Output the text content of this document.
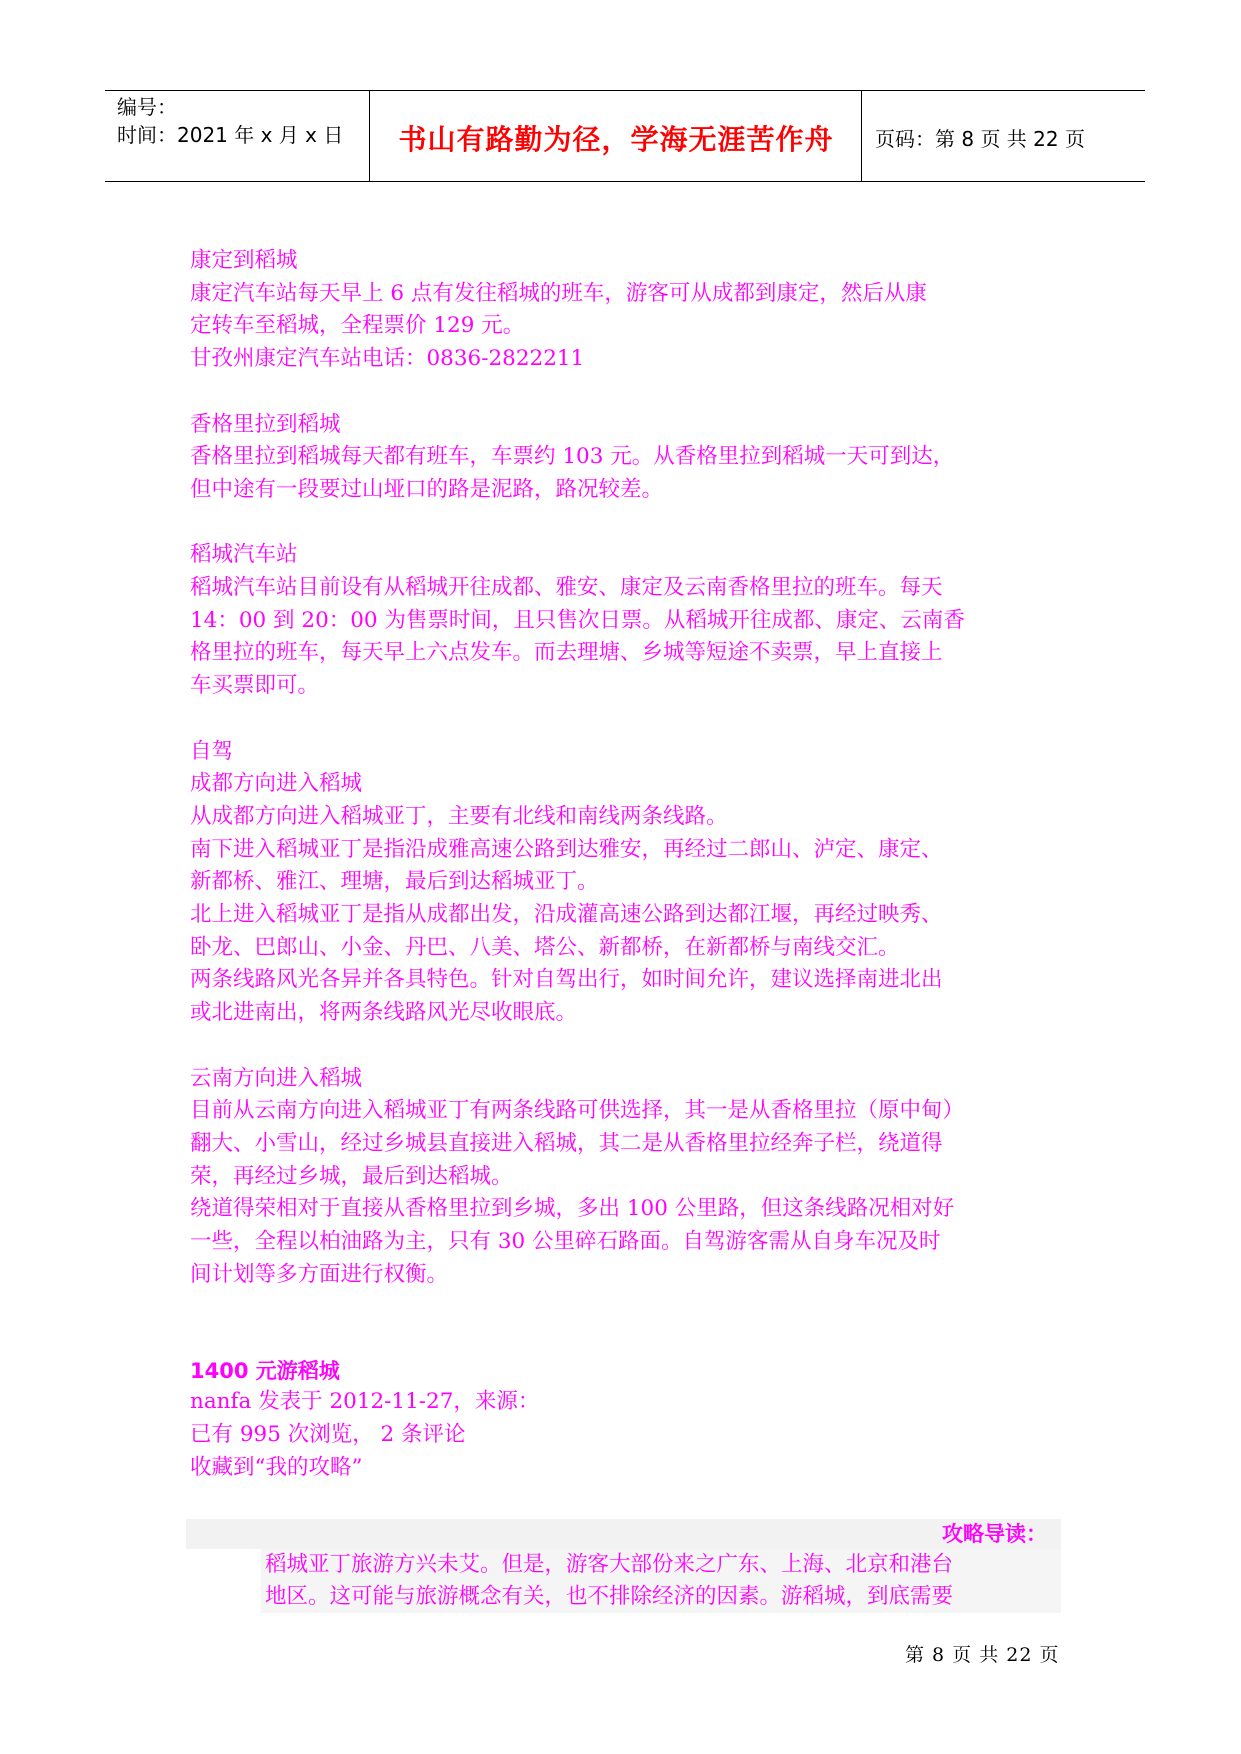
编号：
时间：2021 年 x 月 x 日	书山有路勤为径，学海无涯苦作舟	页码：第 8 页 共 22 页

康定到稻城

康定汽车站每天早上 6 点有发往稻城的班车，游客可从成都到康定，然后从康

定转车至稻城，全程票价 129 元。

甘孜州康定汽车站电话：0836-2822211

香格里拉到稻城

香格里拉到稻城每天都有班车，车票约 103 元。从香格里拉到稻城一天可到达，

但中途有一段要过山垭口的路是泥路，路况较差。

稻城汽车站

稻城汽车站目前设有从稻城开往成都、雅安、康定及云南香格里拉的班车。每天

14：00 到 20：00 为售票时间，且只售次日票。从稻城开往成都、康定、云南香

格里拉的班车，每天早上六点发车。而去理塘、乡城等短途不卖票，早上直接上

车买票即可。

自驾

成都方向进入稻城

从成都方向进入稻城亚丁，主要有北线和南线两条线路。

南下进入稻城亚丁是指沿成雅高速公路到达雅安，再经过二郎山、泸定、康定、

新都桥、雅江、理塘，最后到达稻城亚丁。

北上进入稻城亚丁是指从成都出发，沿成灌高速公路到达都江堰，再经过映秀、

卧龙、巴郎山、小金、丹巴、八美、塔公、新都桥，在新都桥与南线交汇。

两条线路风光各异并各具特色。针对自驾出行，如时间允许，建议选择南进北出

或北进南出，将两条线路风光尽收眼底。

云南方向进入稻城

目前从云南方向进入稻城亚丁有两条线路可供选择，其一是从香格里拉（原中甸）

翻大、小雪山，经过乡城县直接进入稻城，其二是从香格里拉经奔子栏，绕道得

荣，再经过乡城，最后到达稻城。

绕道得荣相对于直接从香格里拉到乡城，多出 100 公里路，但这条线路况相对好

一些，全程以柏油路为主，只有 30 公里碎石路面。自驾游客需从自身车况及时

间计划等多方面进行权衡。

1400 元游稻城

nanfa 发表于 2012-11-27，来源：

已有 995 次浏览， 2 条评论

收藏到“我的攻略”

攻略导读：

稻城亚丁旅游方兴未艾。但是，游客大部份来之广东、上海、北京和港台

地区。这可能与旅游概念有关，也不排除经济的因素。游稻城，到底需要

第 8 页 共 22 页
